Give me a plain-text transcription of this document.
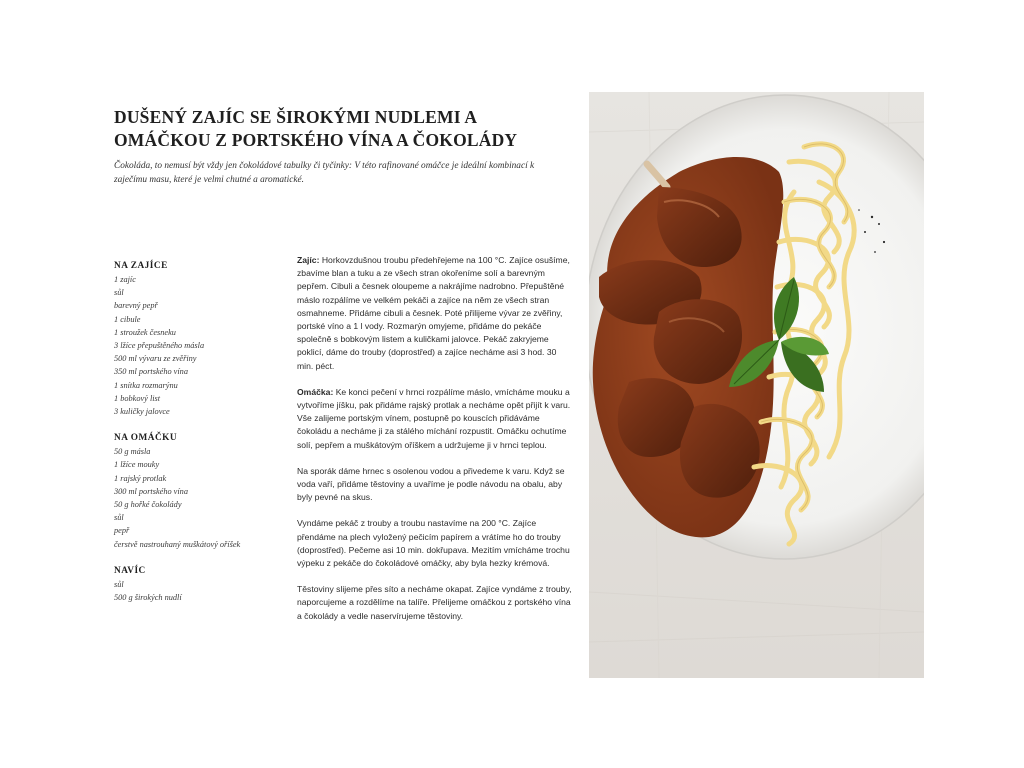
DUŠENÝ ZAJÍC SE ŠIROKÝMI NUDLEMI A OMÁČKOU Z PORTSKÉHO VÍNA A ČOKOLÁDY

Čokoláda, to nemusí být vždy jen čokoládové tabulky či tyčinky: V této rafinované omáčce je ideální kombinací k zaječímu masu, které je velmi chutné a aromatické.

NA ZAJÍCE
1 zajíc
sůl
barevný pepř
1 cibule
1 stroužek česneku
3 lžíce přepuštěného másla
500 ml vývaru ze zvěřiny
350 ml portského vína
1 snítka rozmarýnu
1 bobkový list
3 kuličky jalovce
NA OMÁČKU
50 g másla
1 lžíce mouky
1 rajský protlak
300 ml portského vína
50 g hořké čokolády
sůl
pepř
čerstvě nastrouhaný muškátový oříšek
NAVÍC
sůl
500 g širokých nudlí

Zajíc: Horkovzdušnou troubu předehřejeme na 100 °C. Zajíce osušíme, zbavíme blan a tuku a ze všech stran okořeníme solí a barevným pepřem. Cibuli a česnek oloupeme a nakrájíme nadrobno. Přepuštěné máslo rozpálíme ve velkém pekáči a zajíce na něm ze všech stran osmahneme. Přidáme cibuli a česnek. Poté přilijeme vývar ze zvěřiny, portské víno a 1 l vody. Rozmarýn omyjeme, přidáme do pekáče společně s bobkovým listem a kuličkami jalovce. Pekáč zakryjeme poklicí, dáme do trouby (doprostřed) a zajíce necháme asi 3 hod. 30 min. péct.

Omáčka: Ke konci pečení v hrnci rozpálíme máslo, vmícháme mouku a vytvoříme jíšku, pak přidáme rajský protlak a necháme opět přijít k varu. Vše zalijeme portským vínem, postupně po kouscích přidáváme čokoládu a necháme ji za stálého míchání rozpustit. Omáčku ochutíme solí, pepřem a muškátovým oříškem a udržujeme ji v hrnci teplou.

Na sporák dáme hrnec s osolenou vodou a přivedeme k varu. Když se voda vaří, přidáme těstoviny a uvaříme je podle návodu na obalu, aby byly pevné na skus.

Vyndáme pekáč z trouby a troubu nastavíme na 200 °C. Zajíce přendáme na plech vyložený pečicím papírem a vrátíme ho do trouby (doprostřed). Pečeme asi 10 min. dokřupava. Mezitím vmícháme trochu výpeku z pekáče do čokoládové omáčky, aby byla hezky krémová.

Těstoviny slijeme přes síto a necháme okapat. Zajíce vyndáme z trouby, naporcujeme a rozdělíme na talíře. Přelijeme omáčkou z portského vína a čokolády a vedle naservírujeme těstoviny.
